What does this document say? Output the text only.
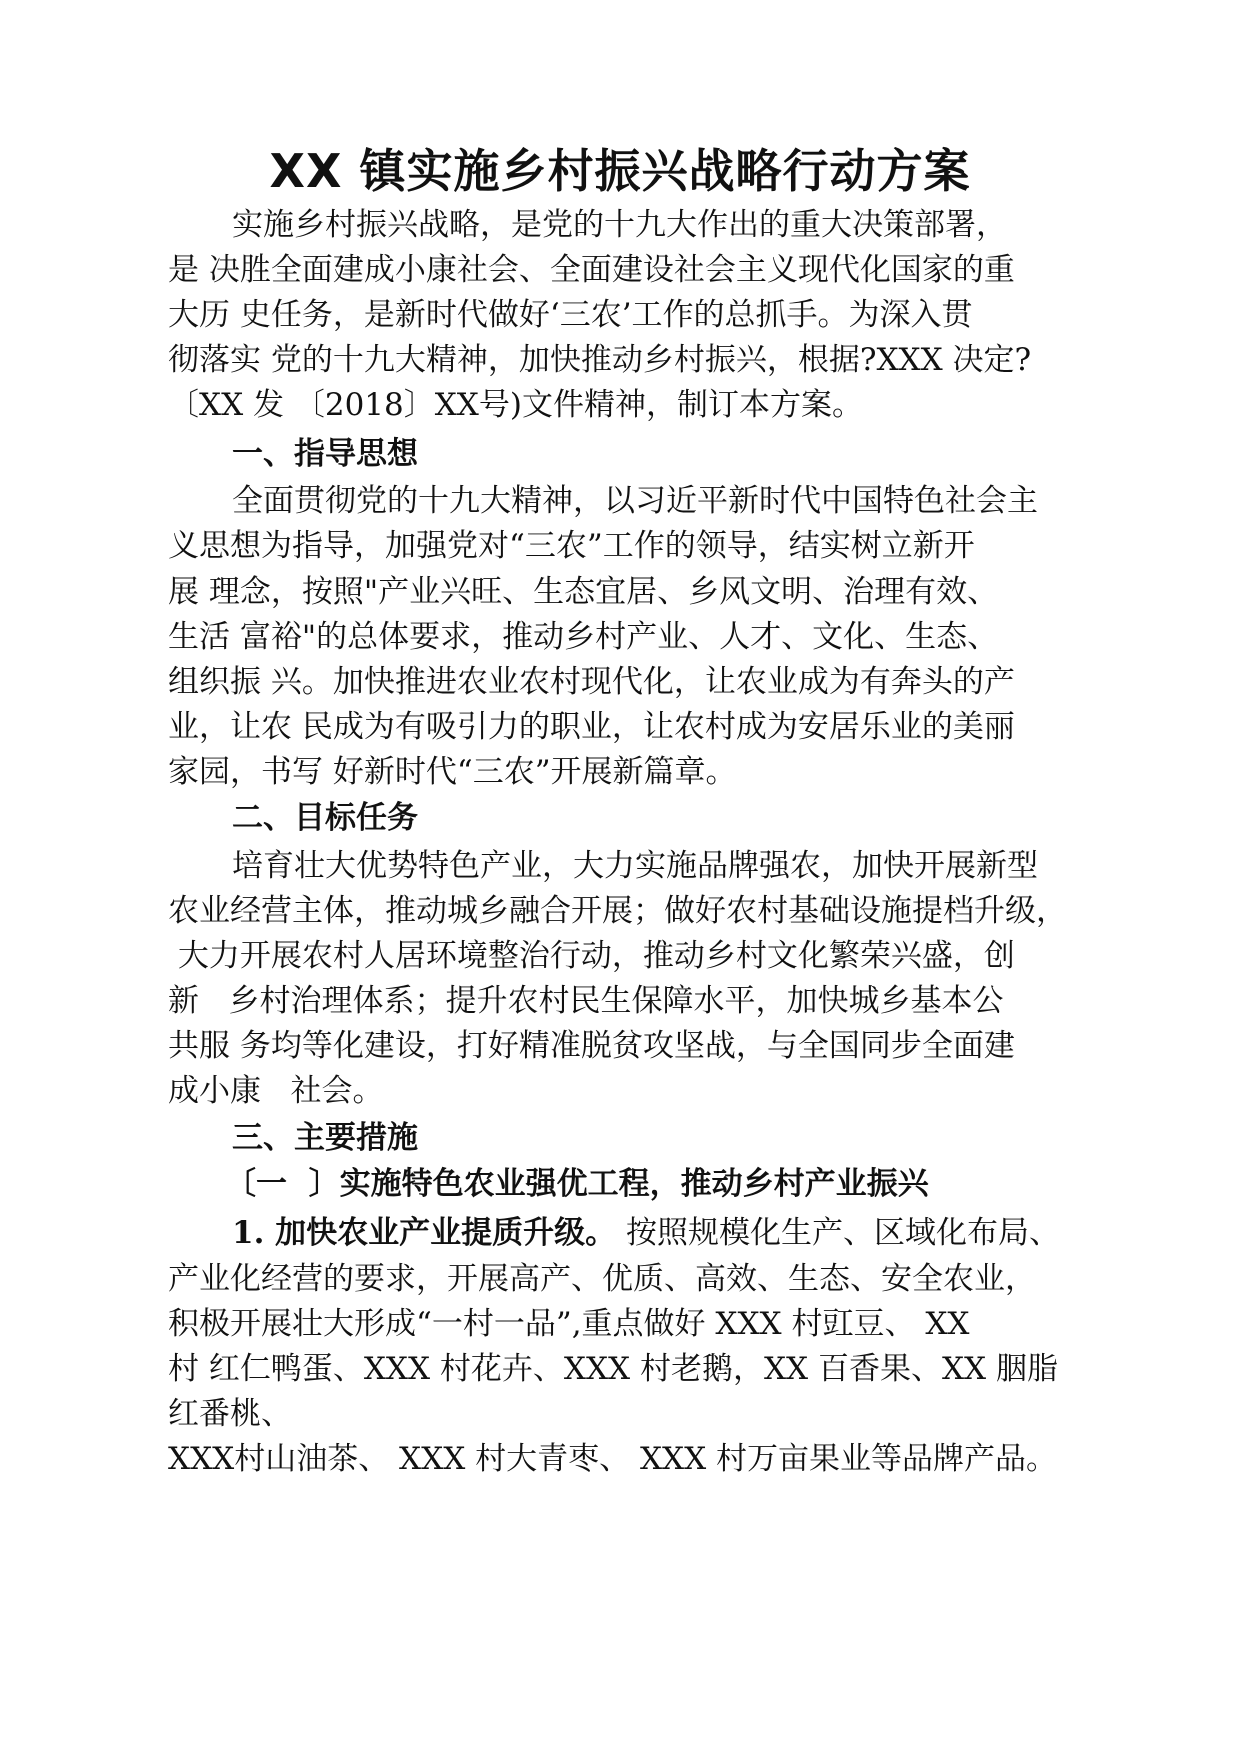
XX 镇实施乡村振兴战略行动方案
实施乡村振兴战略，是党的十九大作出的重大决策部署，
是 决胜全面建成小康社会、全面建设社会主义现代化国家的重
大历 史任务，是新时代做好‘三农’工作的总抓手。为深入贯
彻落实 党的十九大精神，加快推动乡村振兴，根据?XXX 决定?
〔XX 发 〔2018〕XX号)文件精神，制订本方案。
一、指导思想
全面贯彻党的十九大精神，以习近平新时代中国特色社会主
义思想为指导，加强党对“三农”工作的领导，结实树立新开
展 理念，按照"产业兴旺、生态宜居、乡风文明、治理有效、
生活 富裕"的总体要求，推动乡村产业、人才、文化、生态、
组织振 兴。加快推进农业农村现代化，让农业成为有奔头的产
业，让农 民成为有吸引力的职业，让农村成为安居乐业的美丽
家园，书写 好新时代“三农”开展新篇章。
二、目标任务
培育壮大优势特色产业，大力实施品牌强农，加快开展新型
农业经营主体，推动城乡融合开展；做好农村基础设施提档升级，
大力开展农村人居环境整治行动，推动乡村文化繁荣兴盛，创
新   乡村治理体系；提升农村民生保障水平，加快城乡基本公
共服 务均等化建设，打好精准脱贫攻坚战，与全国同步全面建
成小康   社会。
三、主要措施
〔一  〕实施特色农业强优工程，推动乡村产业振兴
1. 加快农业产业提质升级。 按照规模化生产、区域化布局、
产业化经营的要求，开展高产、优质、高效、生态、安全农业，
积极开展壮大形成“一村一品”,重点做好 XXX 村豇豆、 XX
村 红仁鸭蛋、XXX 村花卉、XXX 村老鹅，XX 百香果、XX 胭脂
红番桃、
XXX村山油茶、 XXX 村大青枣、 XXX 村万亩果业等品牌产品。
